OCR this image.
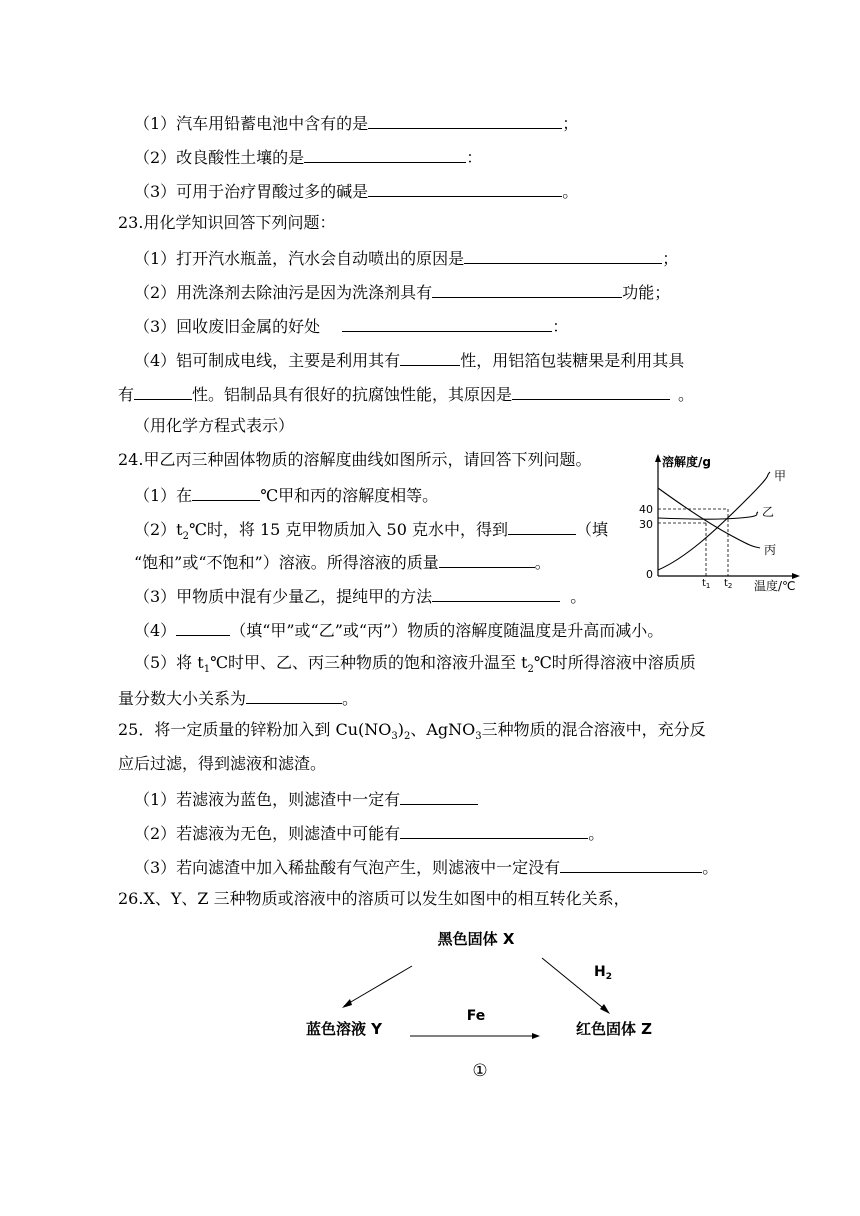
（1）汽车用铅蓄电池中含有的是	；
（2）改良酸性土壤的是	：
（3）可用于治疗胃酸过多的碱是	。
23.用化学知识回答下列问题：
（1）打开汽水瓶盖，汽水会自动喷出的原因是	；
（2）用洗涤剂去除油污是因为洗涤剂具有	功能；
（3）回收废旧金属的好处	：
（4）铝可制成电线，主要是利用其有	性，用铝箔包装糖果是利用其具
有	性。铝制品具有很好的抗腐蚀性能，其原因是	。
（用化学方程式表示）
24.甲乙丙三种固体物质的溶解度曲线如图所示，请回答下列问题。
（1）在	℃甲和丙的溶解度相等。
$(2)t_2℃$时，将 15 克甲物质加入 50 克水中，得到	（填
“饱和”或“不饱和”）溶液。所得溶液的质量	。
（3）甲物质中混有少量乙，提纯甲的方法	。
（4）	（填“甲”或“乙”或“丙”）物质的溶解度随温度是升高而减小。
（5）将 $t_1℃$时甲、乙、丙三种物质的饱和溶液升温至 $t_2℃$时所得溶液中溶质质
量分数大小关系为	。
25．将一定质量的锌粉加入到 $Cu(NO_3)_2$、AgNO$_3$三种物质的混合溶液中，充分反
应后过滤，得到滤液和滤渣。
（1）若滤液为蓝色，则滤渣中一定有
（2）若滤液为无色，则滤渣中可能有	。
（3）若向滤渣中加入稀盐酸有气泡产生，则滤液中一定没有	。
26.X、Y、Z 三种物质或溶液中的溶质可以发生如图中的相互转化关系，
溶解度/g
温度/℃
0
40
30
$t_1$ $t_2$
甲
乙
丙
黑色固体 X
$H_2$
蓝色溶液 Y
Fe
红色固体 Z
①
